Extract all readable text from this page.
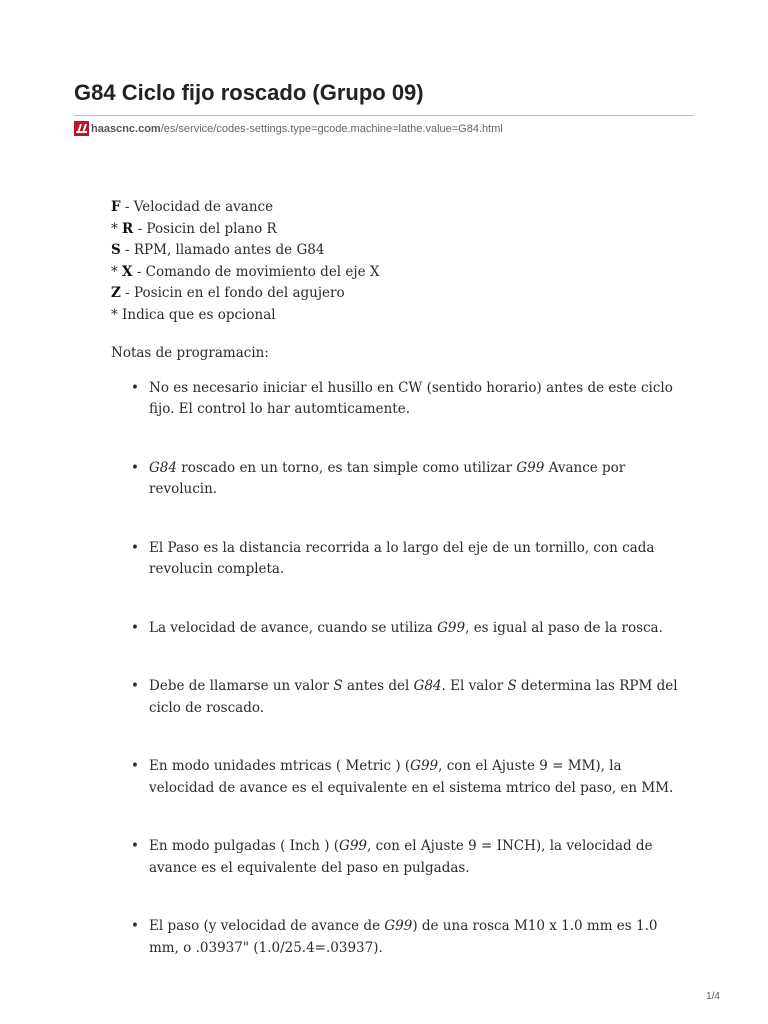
G84 Ciclo fijo roscado (Grupo 09)
haascnc.com /es/service/codes-settings.type=gcode.machine=lathe.value=G84.html
F - Velocidad de avance
* R - Posicin del plano R
S - RPM, llamado antes de G84
* X - Comando de movimiento del eje X
Z - Posicin en el fondo del agujero
* Indica que es opcional
Notas de programacin:
• No es necesario iniciar el husillo en CW (sentido horario) antes de este ciclo fijo. El control lo har automticamente.
• G84 roscado en un torno, es tan simple como utilizar G99 Avance por revolucin.
• El Paso es la distancia recorrida a lo largo del eje de un tornillo, con cada revolucin completa.
• La velocidad de avance, cuando se utiliza G99, es igual al paso de la rosca.
• Debe de llamarse un valor S antes del G84. El valor S determina las RPM del ciclo de roscado.
• En modo unidades mtricas ( Metric ) (G99, con el Ajuste 9 = MM), la velocidad de avance es el equivalente en el sistema mtrico del paso, en MM.
• En modo pulgadas ( Inch ) (G99, con el Ajuste 9 = INCH), la velocidad de avance es el equivalente del paso en pulgadas.
• El paso (y velocidad de avance de G99) de una rosca M10 x 1.0 mm es 1.0 mm, o .03937" (1.0/25.4=.03937).
1/4
